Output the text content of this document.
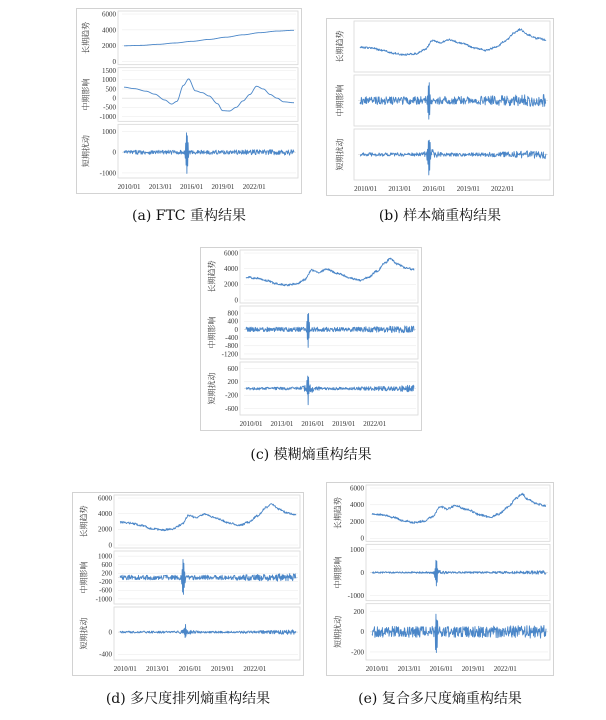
6000
4000
2000
0
长期趋势
1500
1000
500
0
-500
-1000
中期影响
1000
0
-1000
短期扰动
2010/01 2013/01 2016/01 2019/01 2022/01
(a) FTC 重构结果
长期趋势
中期影响
短期扰动
2010/01 2013/01 2016/01 2019/01 2022/01
(b) 样本熵重构结果
6000
4000
2000
0
长期趋势
800
400
0
-400
-800
-1200
中期影响
600
200
-200
-600
短期扰动
2010/01 2013/01 2016/01 2019/01 2022/01
(c) 模糊熵重构结果
6000
4000
2000
0
长期趋势
1000
600
200
-200
-600
-1000
中期影响
0
-400
短期扰动
2010/01 2013/01 2016/01 2019/01 2022/01
(d) 多尺度排列熵重构结果
6000
4000
2000
0
长期趋势
1000
0
-1000
中期影响
200
0
-200
短期扰动
2010/01 2013/01 2016/01 2019/01 2022/01
(e) 复合多尺度熵重构结果
